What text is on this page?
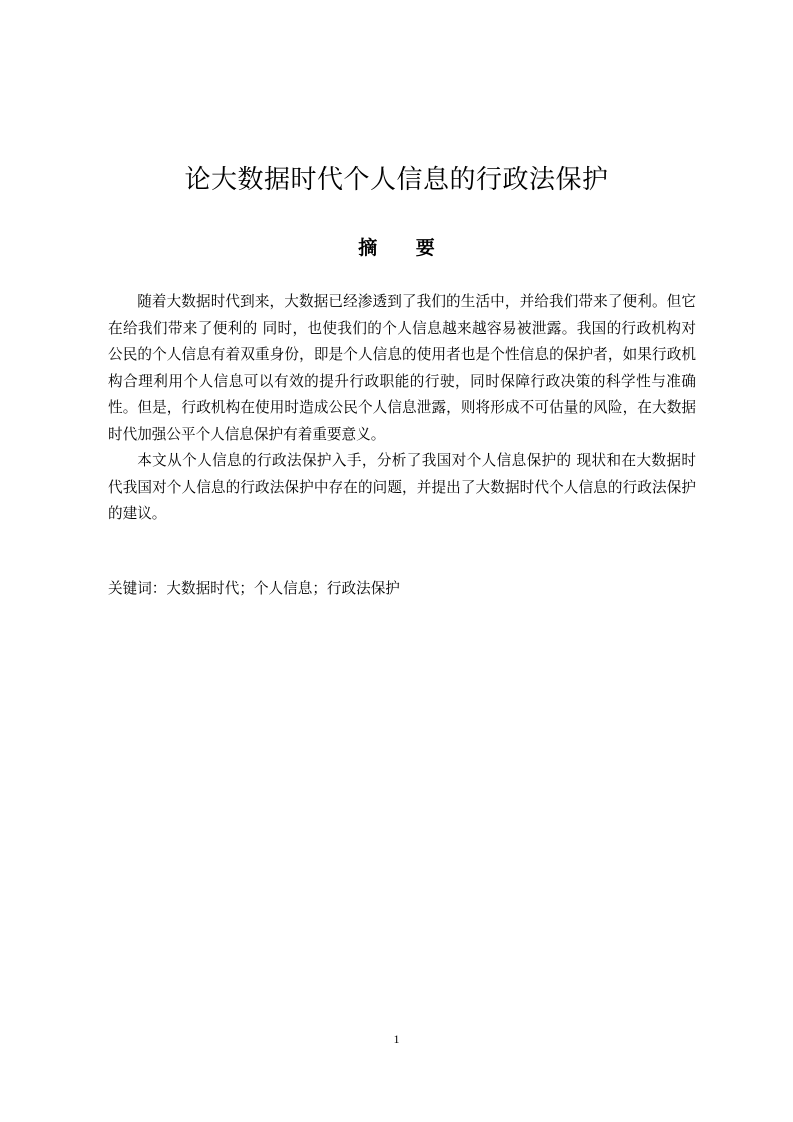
论大数据时代个人信息的行政法保护
摘 要

随着大数据时代到来，大数据已经渗透到了我们的生活中，并给我们带来了便利。但它在给我们带来了便利的 同时，也使我们的个人信息越来越容易被泄露。我国的行政机构对公民的个人信息有着双重身份，即是个人信息的使用者也是个性信息的保护者，如果行政机构合理利用个人信息可以有效的提升行政职能的行驶，同时保障行政决策的科学性与准确性。但是，行政机构在使用时造成公民个人信息泄露，则将形成不可估量的风险，在大数据时代加强公平个人信息保护有着重要意义。

本文从个人信息的行政法保护入手，分析了我国对个人信息保护的 现状和在大数据时代我国对个人信息的行政法保护中存在的问题，并提出了大数据时代个人信息的行政法保护的建议。

关键词：大数据时代；个人信息；行政法保护
1
